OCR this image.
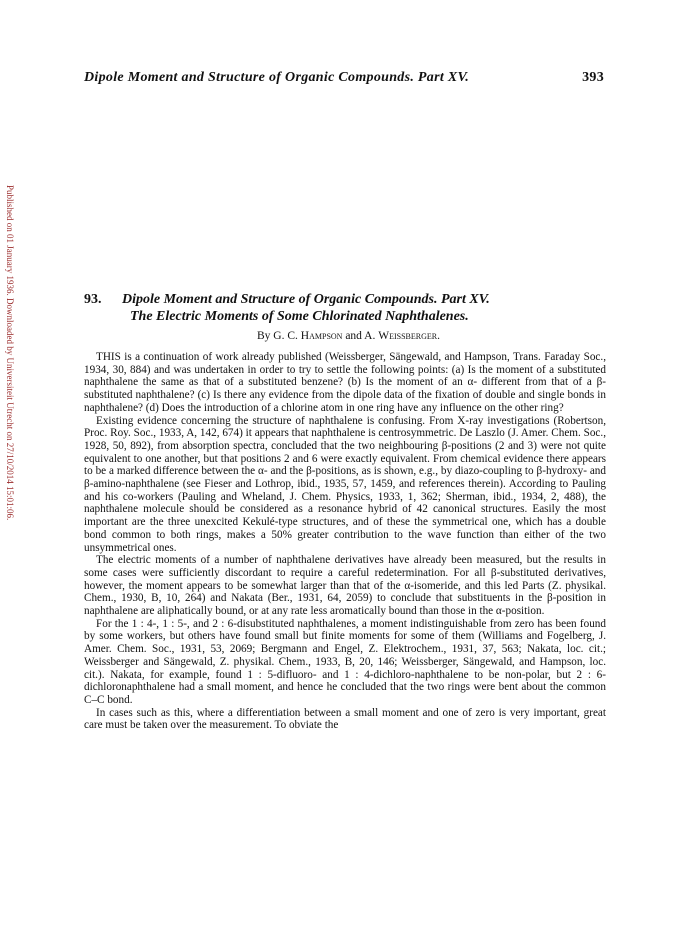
Published on 01 January 1936. Downloaded by Universiteit Utrecht on 27/10/2014 15:01:06.
Dipole Moment and Structure of Organic Compounds. Part XV.	393
93. Dipole Moment and Structure of Organic Compounds. Part XV.
The Electric Moments of Some Chlorinated Naphthalenes.
By G. C. Hampson and A. Weissberger.

THIS is a continuation of work already published (Weissberger, Sängewald, and Hampson, Trans. Faraday Soc., 1934, 30, 884) and was undertaken in order to try to settle the following points: (a) Is the moment of a substituted naphthalene the same as that of a substituted benzene? (b) Is the moment of an α- different from that of a β-substituted naphthalene? (c) Is there any evidence from the dipole data of the fixation of double and single bonds in naphthalene? (d) Does the introduction of a chlorine atom in one ring have any influence on the other ring?

Existing evidence concerning the structure of naphthalene is confusing. From X-ray investigations (Robertson, Proc. Roy. Soc., 1933, A, 142, 674) it appears that naphthalene is centrosymmetric. De Laszlo (J. Amer. Chem. Soc., 1928, 50, 892), from absorption spectra, concluded that the two neighbouring β-positions (2 and 3) were not quite equivalent to one another, but that positions 2 and 6 were exactly equivalent. From chemical evidence there appears to be a marked difference between the α- and the β-positions, as is shown, e.g., by diazo-coupling to β-hydroxy- and β-amino-naphthalene (see Fieser and Lothrop, ibid., 1935, 57, 1459, and references therein). According to Pauling and his co-workers (Pauling and Wheland, J. Chem. Physics, 1933, 1, 362; Sherman, ibid., 1934, 2, 488), the naphthalene molecule should be considered as a resonance hybrid of 42 canonical structures. Easily the most important are the three unexcited Kekulé-type structures, and of these the symmetrical one, which has a double bond common to both rings, makes a 50% greater contribution to the wave function than either of the two unsymmetrical ones.

The electric moments of a number of naphthalene derivatives have already been measured, but the results in some cases were sufficiently discordant to require a careful redetermination. For all β-substituted derivatives, however, the moment appears to be somewhat larger than that of the α-isomeride, and this led Parts (Z. physikal. Chem., 1930, B, 10, 264) and Nakata (Ber., 1931, 64, 2059) to conclude that substituents in the β-position in naphthalene are aliphatically bound, or at any rate less aromatically bound than those in the α-position.

For the 1 : 4-, 1 : 5-, and 2 : 6-disubstituted naphthalenes, a moment indistinguishable from zero has been found by some workers, but others have found small but finite moments for some of them (Williams and Fogelberg, J. Amer. Chem. Soc., 1931, 53, 2069; Bergmann and Engel, Z. Elektrochem., 1931, 37, 563; Nakata, loc. cit.; Weissberger and Sängewald, Z. physikal. Chem., 1933, B, 20, 146; Weissberger, Sängewald, and Hampson, loc. cit.). Nakata, for example, found 1 : 5-difluoro- and 1 : 4-dichloro-naphthalene to be non-polar, but 2 : 6-dichloronaphthalene had a small moment, and hence he concluded that the two rings were bent about the common C–C bond.

In cases such as this, where a differentiation between a small moment and one of zero is very important, great care must be taken over the measurement. To obviate the
